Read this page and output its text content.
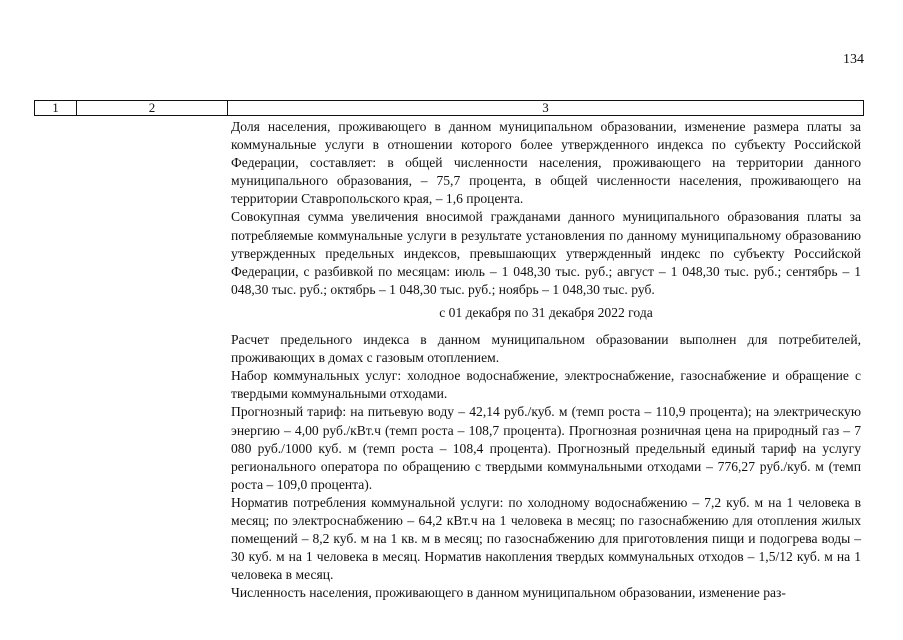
134
1	2	3

Доля населения, проживающего в данном муниципальном образовании, изменение размера платы за коммунальные услуги в отношении которого более утвержденного индекса по субъекту Российской Федерации, составляет: в общей численности населения, проживающего на территории данного муниципального образования, – 75,7 процента, в общей численности населения, проживающего на территории Ставропольского края, – 1,6 процента.

Совокупная сумма увеличения вносимой гражданами данного муниципального образования платы за потребляемые коммунальные услуги в результате установления по данному муниципальному образованию утвержденных предельных индексов, превышающих утвержденный индекс по субъекту Российской Федерации, с разбивкой по месяцам: июль – 1 048,30 тыс. руб.; август – 1 048,30 тыс. руб.; сентябрь – 1 048,30 тыс. руб.; октябрь – 1 048,30 тыс. руб.; ноябрь – 1 048,30 тыс. руб.

с 01 декабря по 31 декабря 2022 года

Расчет предельного индекса в данном муниципальном образовании выполнен для потребителей, проживающих в домах с газовым отоплением.

Набор коммунальных услуг: холодное водоснабжение, электроснабжение, газоснабжение и обращение с твердыми коммунальными отходами.

Прогнозный тариф: на питьевую воду – 42,14 руб./куб. м (темп роста – 110,9 процента); на электрическую энергию – 4,00 руб./кВт.ч (темп роста – 108,7 процента). Прогнозная розничная цена на природный газ – 7 080 руб./1000 куб. м (темп роста – 108,4 процента). Прогнозный предельный единый тариф на услугу регионального оператора по обращению с твердыми коммунальными отходами – 776,27 руб./куб. м (темп роста – 109,0 процента).

Норматив потребления коммунальной услуги: по холодному водоснабжению – 7,2 куб. м на 1 человека в месяц; по электроснабжению – 64,2 кВт.ч на 1 человека в месяц; по газоснабжению для отопления жилых помещений – 8,2 куб. м на 1 кв. м в месяц; по газоснабжению для приготовления пищи и подогрева воды – 30 куб. м на 1 человека в месяц. Норматив накопления твердых коммунальных отходов – 1,5/12 куб. м на 1 человека в месяц.

Численность населения, проживающего в данном муниципальном образовании, изменение раз-
